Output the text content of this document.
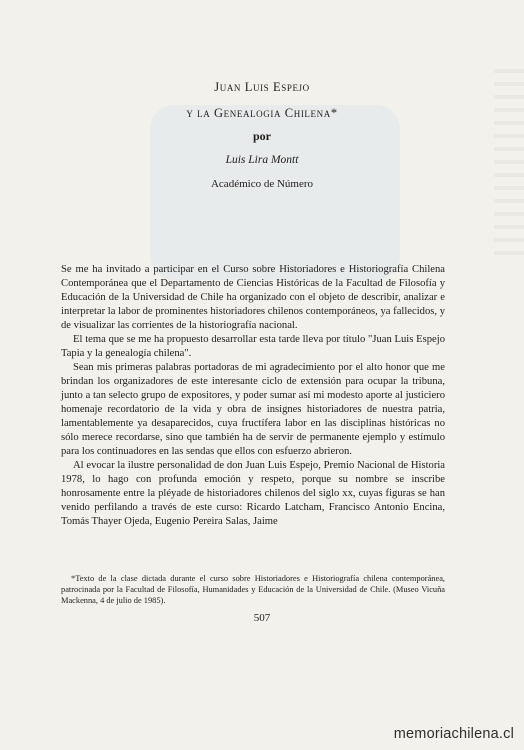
Juan Luis Espejo
y la Genealogia Chilena*
por
Luis Lira Montt
Académico de Número

Se me ha invitado a participar en el Curso sobre Historiadores e Historiografía Chilena Contemporánea que el Departamento de Ciencias Históricas de la Facultad de Filosofía y Educación de la Universidad de Chile ha organizado con el objeto de describir, analizar e interpretar la labor de prominentes historiadores chilenos contemporáneos, ya fallecidos, y de visualizar las corrientes de la historiografía nacional.

El tema que se me ha propuesto desarrollar esta tarde lleva por título "Juan Luis Espejo Tapia y la genealogía chilena".

Sean mis primeras palabras portadoras de mi agradecimiento por el alto honor que me brindan los organizadores de este interesante ciclo de extensión para ocupar la tribuna, junto a tan selecto grupo de expositores, y poder sumar así mi modesto aporte al justiciero homenaje recordatorio de la vida y obra de insignes historiadores de nuestra patria, lamentablemente ya desaparecidos, cuya fructífera labor en las disciplinas históricas no sólo merece recordarse, sino que también ha de servir de permanente ejemplo y estímulo para los continuadores en las sendas que ellos con esfuerzo abrieron.

Al evocar la ilustre personalidad de don Juan Luis Espejo, Premio Nacional de Historia 1978, lo hago con profunda emoción y respeto, porque su nombre se inscribe honrosamente entre la pléyade de historiadores chilenos del siglo xx, cuyas figuras se han venido perfilando a través de este curso: Ricardo Latcham, Francisco Antonio Encina, Tomás Thayer Ojeda, Eugenio Pereira Salas, Jaime

*Texto de la clase dictada durante el curso sobre Historiadores e Historiografía chilena contemporánea, patrocinada por la Facultad de Filosofía, Humanidades y Educación de la Universidad de Chile. (Museo Vicuña Mackenna, 4 de julio de 1985).

507
memoriachilena.cl
